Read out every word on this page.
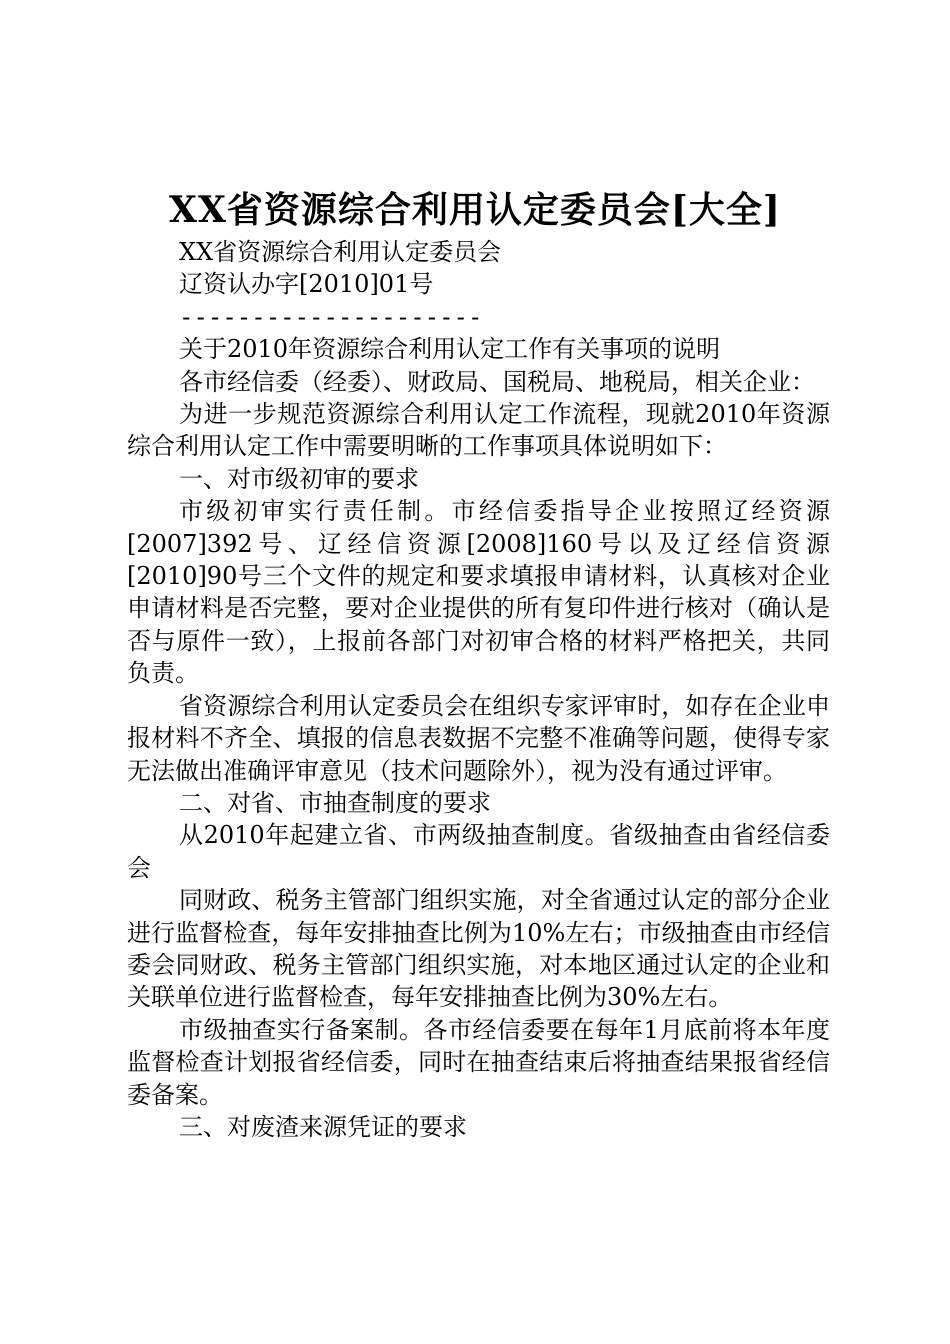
XX省资源综合利用认定委员会[大全]

XX省资源综合利用认定委员会

辽资认办字[2010]01号

---------------------

关于2010年资源综合利用认定工作有关事项的说明

各市经信委（经委）、财政局、国税局、地税局，相关企业：

为进一步规范资源综合利用认定工作流程，现就2010年资源综合利用认定工作中需要明晰的工作事项具体说明如下：

一、对市级初审的要求

市级初审实行责任制。市经信委指导企业按照辽经资源[2007]392号、辽经信资源[2008]160号以及辽经信资源[2010]90号三个文件的规定和要求填报申请材料，认真核对企业申请材料是否完整，要对企业提供的所有复印件进行核对（确认是否与原件一致），上报前各部门对初审合格的材料严格把关，共同负责。

省资源综合利用认定委员会在组织专家评审时，如存在企业申报材料不齐全、填报的信息表数据不完整不准确等问题，使得专家无法做出准确评审意见（技术问题除外），视为没有通过评审。

二、对省、市抽查制度的要求

从2010年起建立省、市两级抽查制度。省级抽查由省经信委会

同财政、税务主管部门组织实施，对全省通过认定的部分企业进行监督检查，每年安排抽查比例为10%左右；市级抽查由市经信委会同财政、税务主管部门组织实施，对本地区通过认定的企业和关联单位进行监督检查，每年安排抽查比例为30%左右。

市级抽查实行备案制。各市经信委要在每年1月底前将本年度监督检查计划报省经信委，同时在抽查结束后将抽查结果报省经信委备案。

三、对废渣来源凭证的要求
